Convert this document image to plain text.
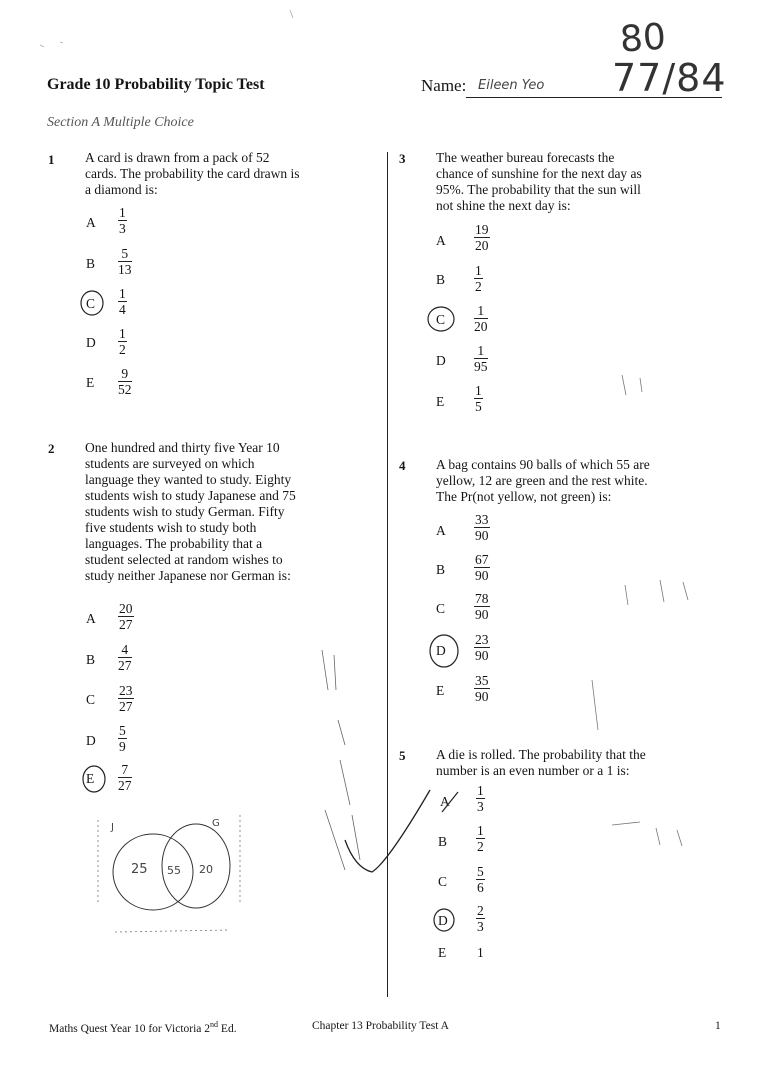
Grade 10 Probability Topic Test	Name: Eileen Yeo
80
77/84
Section A Multiple Choice
1 A card is drawn from a pack of 52
cards. The probability the card drawn is
a diamond is:
A $\frac{1}{3}$
B $\frac{5}{13}$
C $\frac{1}{4}$
D $\frac{1}{2}$
E $\frac{9}{52}$
2 One hundred and thirty five Year 10
students are surveyed on which
language they wanted to study. Eighty
students wish to study Japanese and 75
students wish to study German. Fifty
five students wish to study both
languages. The probability that a
student selected at random wishes to
study neither Japanese nor German is:
A $\frac{20}{27}$
B $\frac{4}{27}$
C $\frac{23}{27}$
D $\frac{5}{9}$
E $\frac{7}{27}$
3 The weather bureau forecasts the
chance of sunshine for the next day as
95%. The probability that the sun will
not shine the next day is:
A $\frac{19}{20}$
B $\frac{1}{2}$
C $\frac{1}{20}$
D $\frac{1}{95}$
E $\frac{1}{5}$
4 A bag contains 90 balls of which 55 are
yellow, 12 are green and the rest white.
The Pr(not yellow, not green) is:
A $\frac{33}{90}$
B $\frac{67}{90}$
C $\frac{78}{90}$
D $\frac{23}{90}$
E $\frac{35}{90}$
5 A die is rolled. The probability that the
number is an even number or a 1 is:
A $\frac{1}{3}$
B $\frac{1}{2}$
C $\frac{5}{6}$
D $\frac{2}{3}$
E 1
J	G
25 55 20
Maths Quest Year 10 for Victoria 2nd Ed.	Chapter 13 Probability Test A	1
